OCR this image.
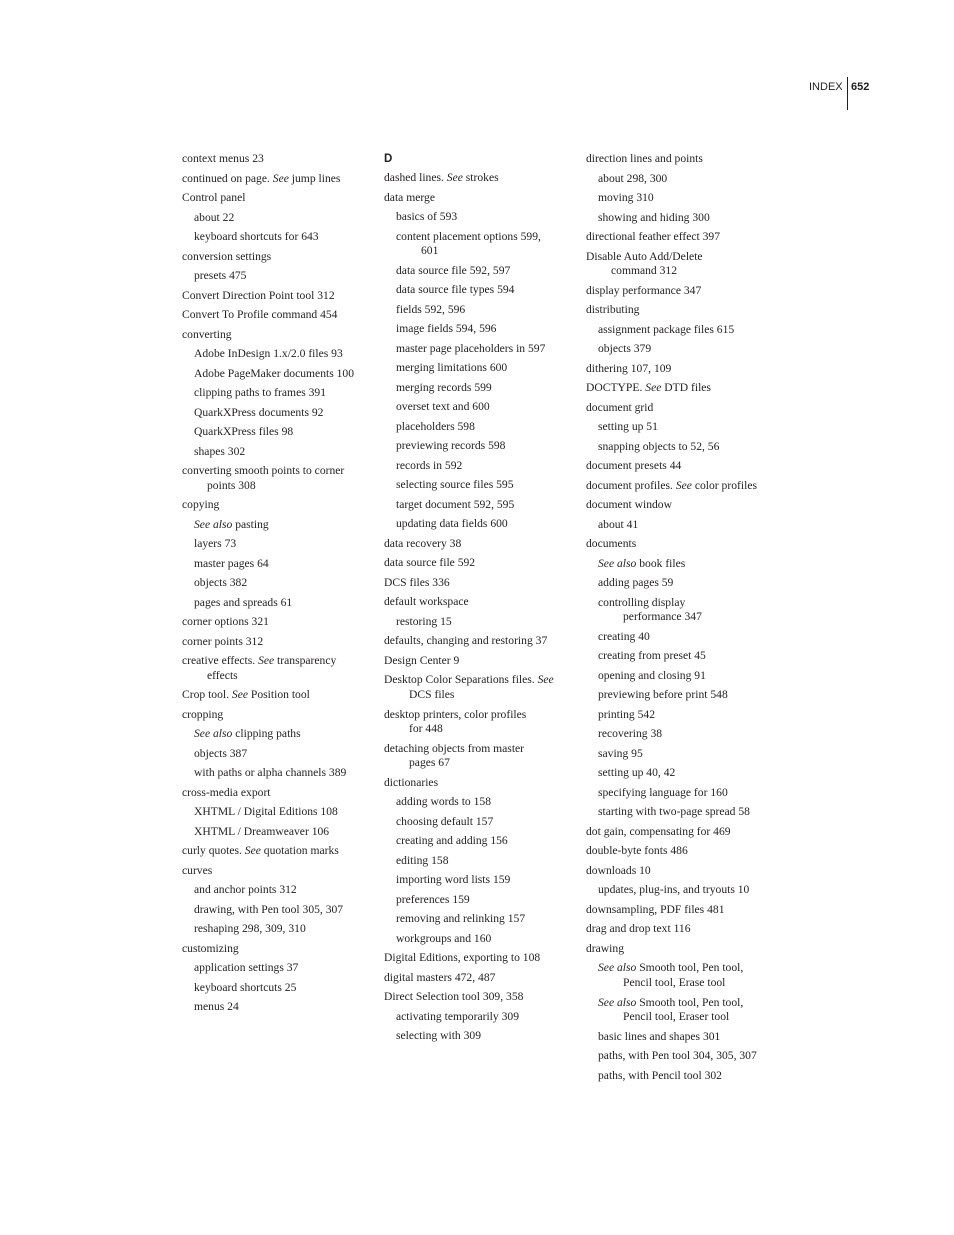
INDEX 652
context menus 23
continued on page. See jump lines
Control panel
about 22
keyboard shortcuts for 643
conversion settings
presets 475
Convert Direction Point tool 312
Convert To Profile command 454
converting
Adobe InDesign 1.x/2.0 files 93
Adobe PageMaker documents 100
clipping paths to frames 391
QuarkXPress documents 92
QuarkXPress files 98
shapes 302
converting smooth points to corner
points 308
copying
See also pasting
layers 73
master pages 64
objects 382
pages and spreads 61
corner options 321
corner points 312
creative effects. See transparency
effects
Crop tool. See Position tool
cropping
See also clipping paths
objects 387
with paths or alpha channels 389
cross-media export
XHTML / Digital Editions 108
XHTML / Dreamweaver 106
curly quotes. See quotation marks
curves
and anchor points 312
drawing, with Pen tool 305, 307
reshaping 298, 309, 310
customizing
application settings 37
keyboard shortcuts 25
menus 24
D
dashed lines. See strokes
data merge
basics of 593
content placement options 599,
601
data source file 592, 597
data source file types 594
fields 592, 596
image fields 594, 596
master page placeholders in 597
merging limitations 600
merging records 599
overset text and 600
placeholders 598
previewing records 598
records in 592
selecting source files 595
target document 592, 595
updating data fields 600
data recovery 38
data source file 592
DCS files 336
default workspace
restoring 15
defaults, changing and restoring 37
Design Center 9
Desktop Color Separations files. See
DCS files
desktop printers, color profiles
for 448
detaching objects from master
pages 67
dictionaries
adding words to 158
choosing default 157
creating and adding 156
editing 158
importing word lists 159
preferences 159
removing and relinking 157
workgroups and 160
Digital Editions, exporting to 108
digital masters 472, 487
Direct Selection tool 309, 358
activating temporarily 309
selecting with 309
direction lines and points
about 298, 300
moving 310
showing and hiding 300
directional feather effect 397
Disable Auto Add/Delete
command 312
display performance 347
distributing
assignment package files 615
objects 379
dithering 107, 109
DOCTYPE. See DTD files
document grid
setting up 51
snapping objects to 52, 56
document presets 44
document profiles. See color profiles
document window
about 41
documents
See also book files
adding pages 59
controlling display
performance 347
creating 40
creating from preset 45
opening and closing 91
previewing before print 548
printing 542
recovering 38
saving 95
setting up 40, 42
specifying language for 160
starting with two-page spread 58
dot gain, compensating for 469
double-byte fonts 486
downloads 10
updates, plug-ins, and tryouts 10
downsampling, PDF files 481
drag and drop text 116
drawing
See also Smooth tool, Pen tool,
Pencil tool, Erase tool
See also Smooth tool, Pen tool,
Pencil tool, Eraser tool
basic lines and shapes 301
paths, with Pen tool 304, 305, 307
paths, with Pencil tool 302
